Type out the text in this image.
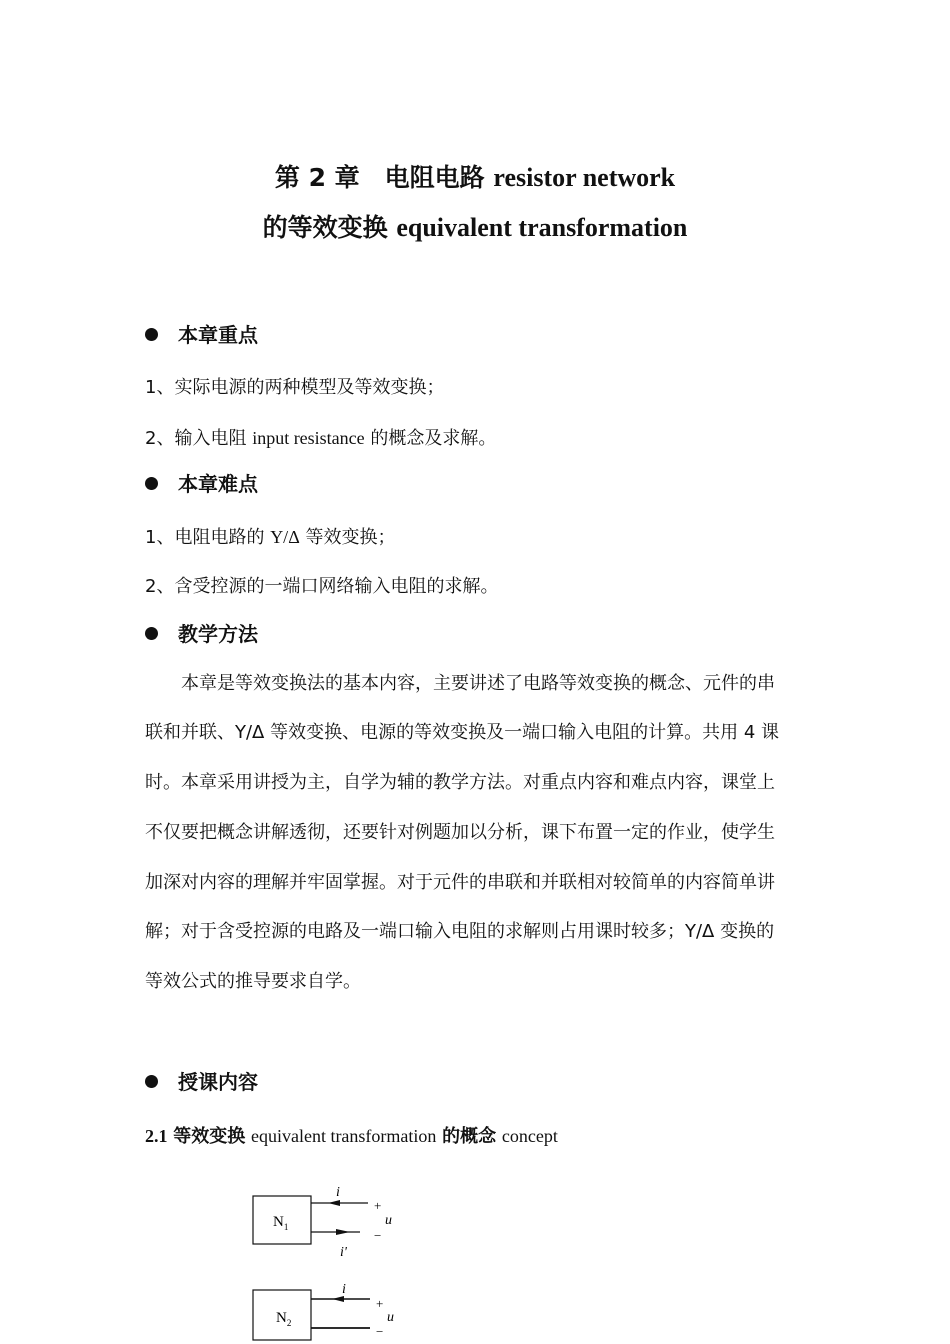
第 2 章　电阻电路 resistor network
的等效变换 equivalent transformation
本章重点
1、实际电源的两种模型及等效变换；
2、输入电阻 input resistance 的概念及求解。
本章难点
1、电阻电路的 Y/Δ 等效变换；
2、含受控源的一端口网络输入电阻的求解。
教学方法
本章是等效变换法的基本内容，主要讲述了电路等效变换的概念、元件的串
联和并联、Y/Δ 等效变换、电源的等效变换及一端口输入电阻的计算。共用 4 课
时。本章采用讲授为主，自学为辅的教学方法。对重点内容和难点内容，课堂上
不仅要把概念讲解透彻，还要针对例题加以分析，课下布置一定的作业，使学生
加深对内容的理解并牢固掌握。对于元件的串联和并联相对较简单的内容简单讲
解；对于含受控源的电路及一端口输入电阻的求解则占用课时较多；Y/Δ 变换的
等效公式的推导要求自学。
授课内容
2.1 等效变换 equivalent transformation 的概念 concept
$N_1$
i
i'
+
u
−
$N_2$
i
+
u
−
